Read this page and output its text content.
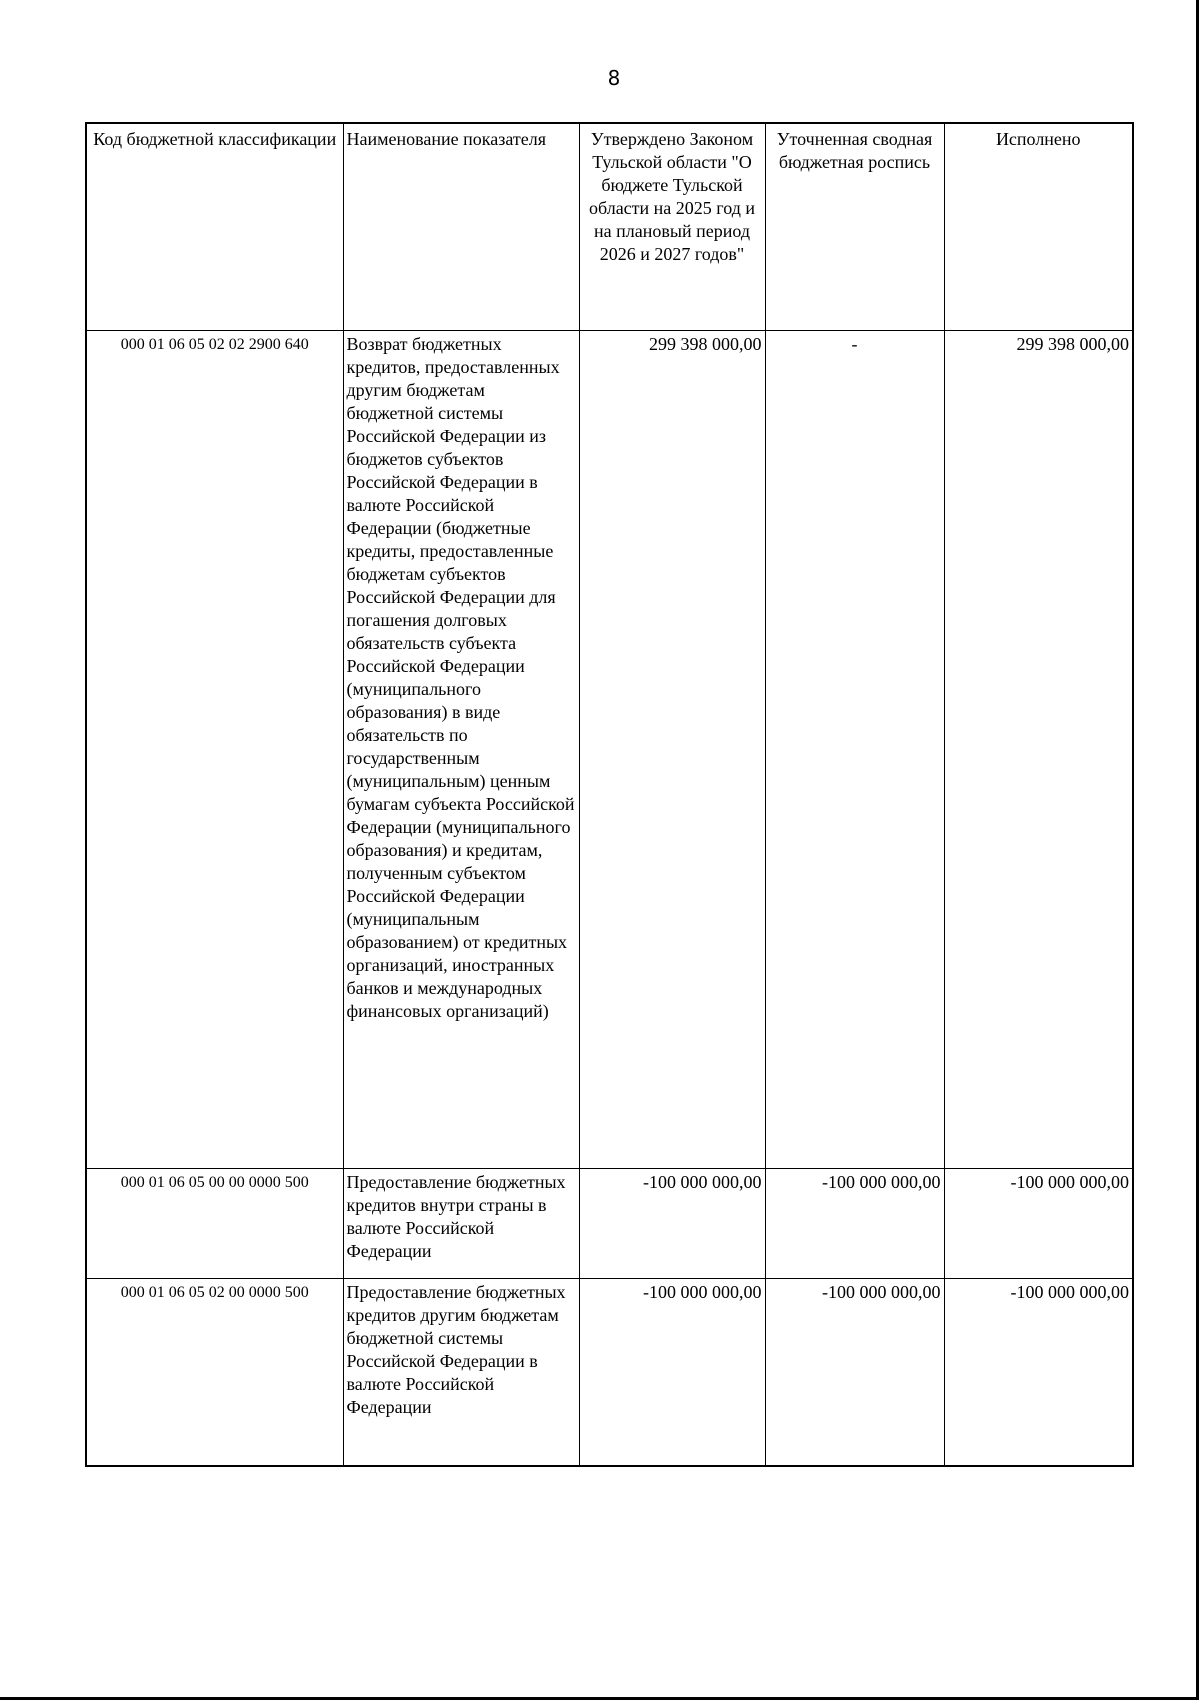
8
Код бюджетной классификации	Наименование показателя	Утверждено Законом Тульской области "О бюджете Тульской области на 2025 год и на плановый период 2026 и 2027 годов"	Уточненная сводная бюджетная роспись	Исполнено
000 01 06 05 02 02 2900 640	Возврат бюджетных кредитов, предоставленных другим бюджетам бюджетной системы Российской Федерации из бюджетов субъектов Российской Федерации в валюте Российской Федерации (бюджетные кредиты, предоставленные бюджетам субъектов Российской Федерации для погашения долговых обязательств субъекта Российской Федерации (муниципального образования) в виде обязательств по государственным (муниципальным) ценным бумагам субъекта Российской Федерации (муниципального образования) и кредитам, полученным субъектом Российской Федерации (муниципальным образованием) от кредитных организаций, иностранных банков и международных финансовых организаций)	299 398 000,00	-	299 398 000,00
000 01 06 05 00 00 0000 500	Предоставление бюджетных кредитов внутри страны в валюте Российской Федерации	-100 000 000,00	-100 000 000,00	-100 000 000,00
000 01 06 05 02 00 0000 500	Предоставление бюджетных кредитов другим бюджетам бюджетной системы Российской Федерации в валюте Российской Федерации	-100 000 000,00	-100 000 000,00	-100 000 000,00
